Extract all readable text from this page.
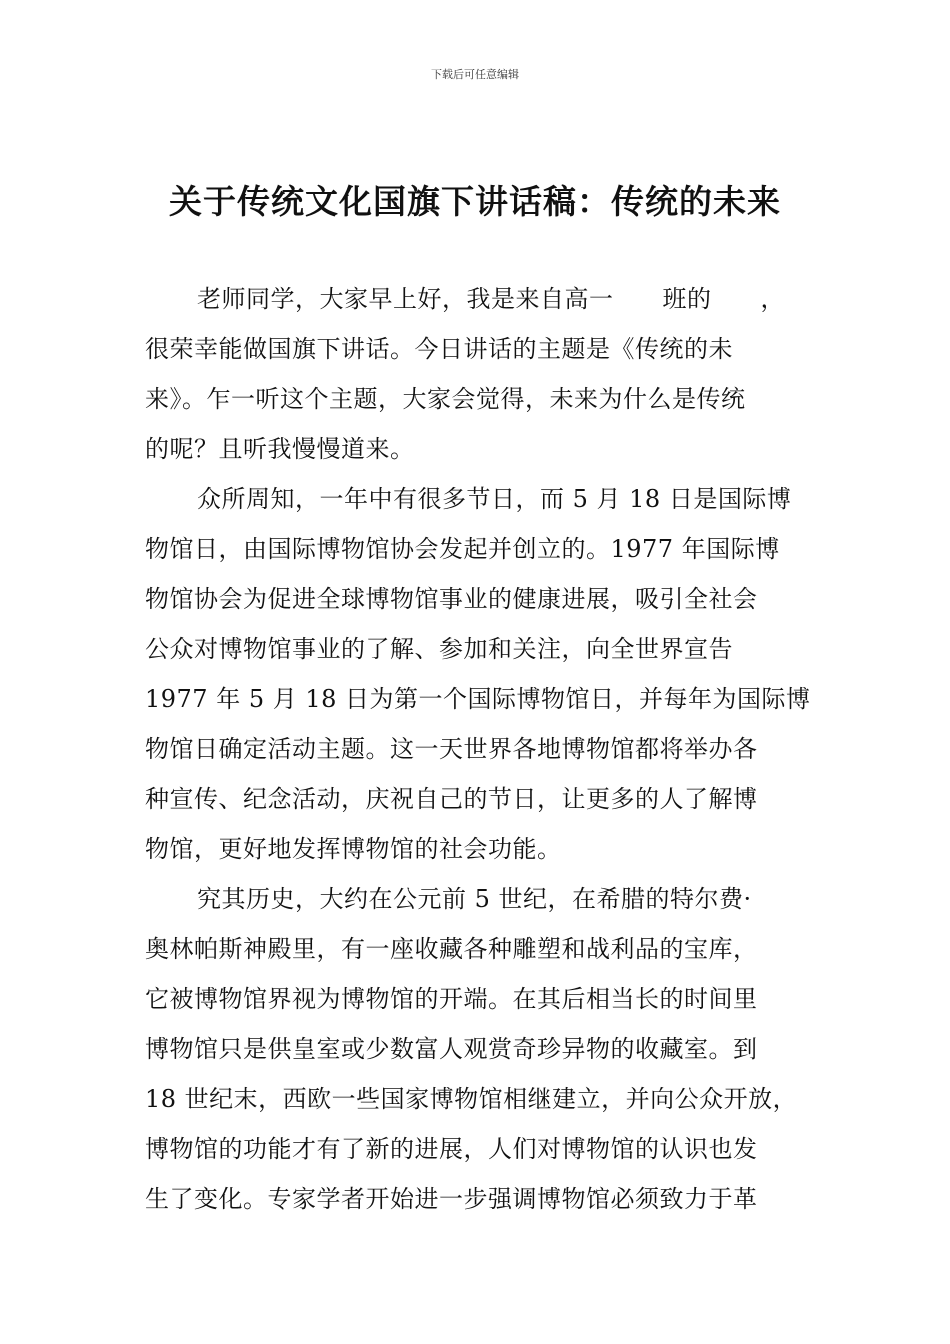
下载后可任意编辑
关于传统文化国旗下讲话稿：传统的未来
老师同学，大家早上好，我是来自高一　　班的　　，
很荣幸能做国旗下讲话。今日讲话的主题是《传统的未
来》。乍一听这个主题，大家会觉得，未来为什么是传统
的呢？且听我慢慢道来。
众所周知，一年中有很多节日，而 5 月 18 日是国际博
物馆日，由国际博物馆协会发起并创立的。1977 年国际博
物馆协会为促进全球博物馆事业的健康进展，吸引全社会
公众对博物馆事业的了解、参加和关注，向全世界宣告
1977 年 5 月 18 日为第一个国际博物馆日，并每年为国际博
物馆日确定活动主题。这一天世界各地博物馆都将举办各
种宣传、纪念活动，庆祝自己的节日，让更多的人了解博
物馆，更好地发挥博物馆的社会功能。
究其历史，大约在公元前 5 世纪，在希腊的特尔费·
奥林帕斯神殿里，有一座收藏各种雕塑和战利品的宝库，
它被博物馆界视为博物馆的开端。在其后相当长的时间里
博物馆只是供皇室或少数富人观赏奇珍异物的收藏室。到
18 世纪末，西欧一些国家博物馆相继建立，并向公众开放，
博物馆的功能才有了新的进展，人们对博物馆的认识也发
生了变化。专家学者开始进一步强调博物馆必须致力于革
